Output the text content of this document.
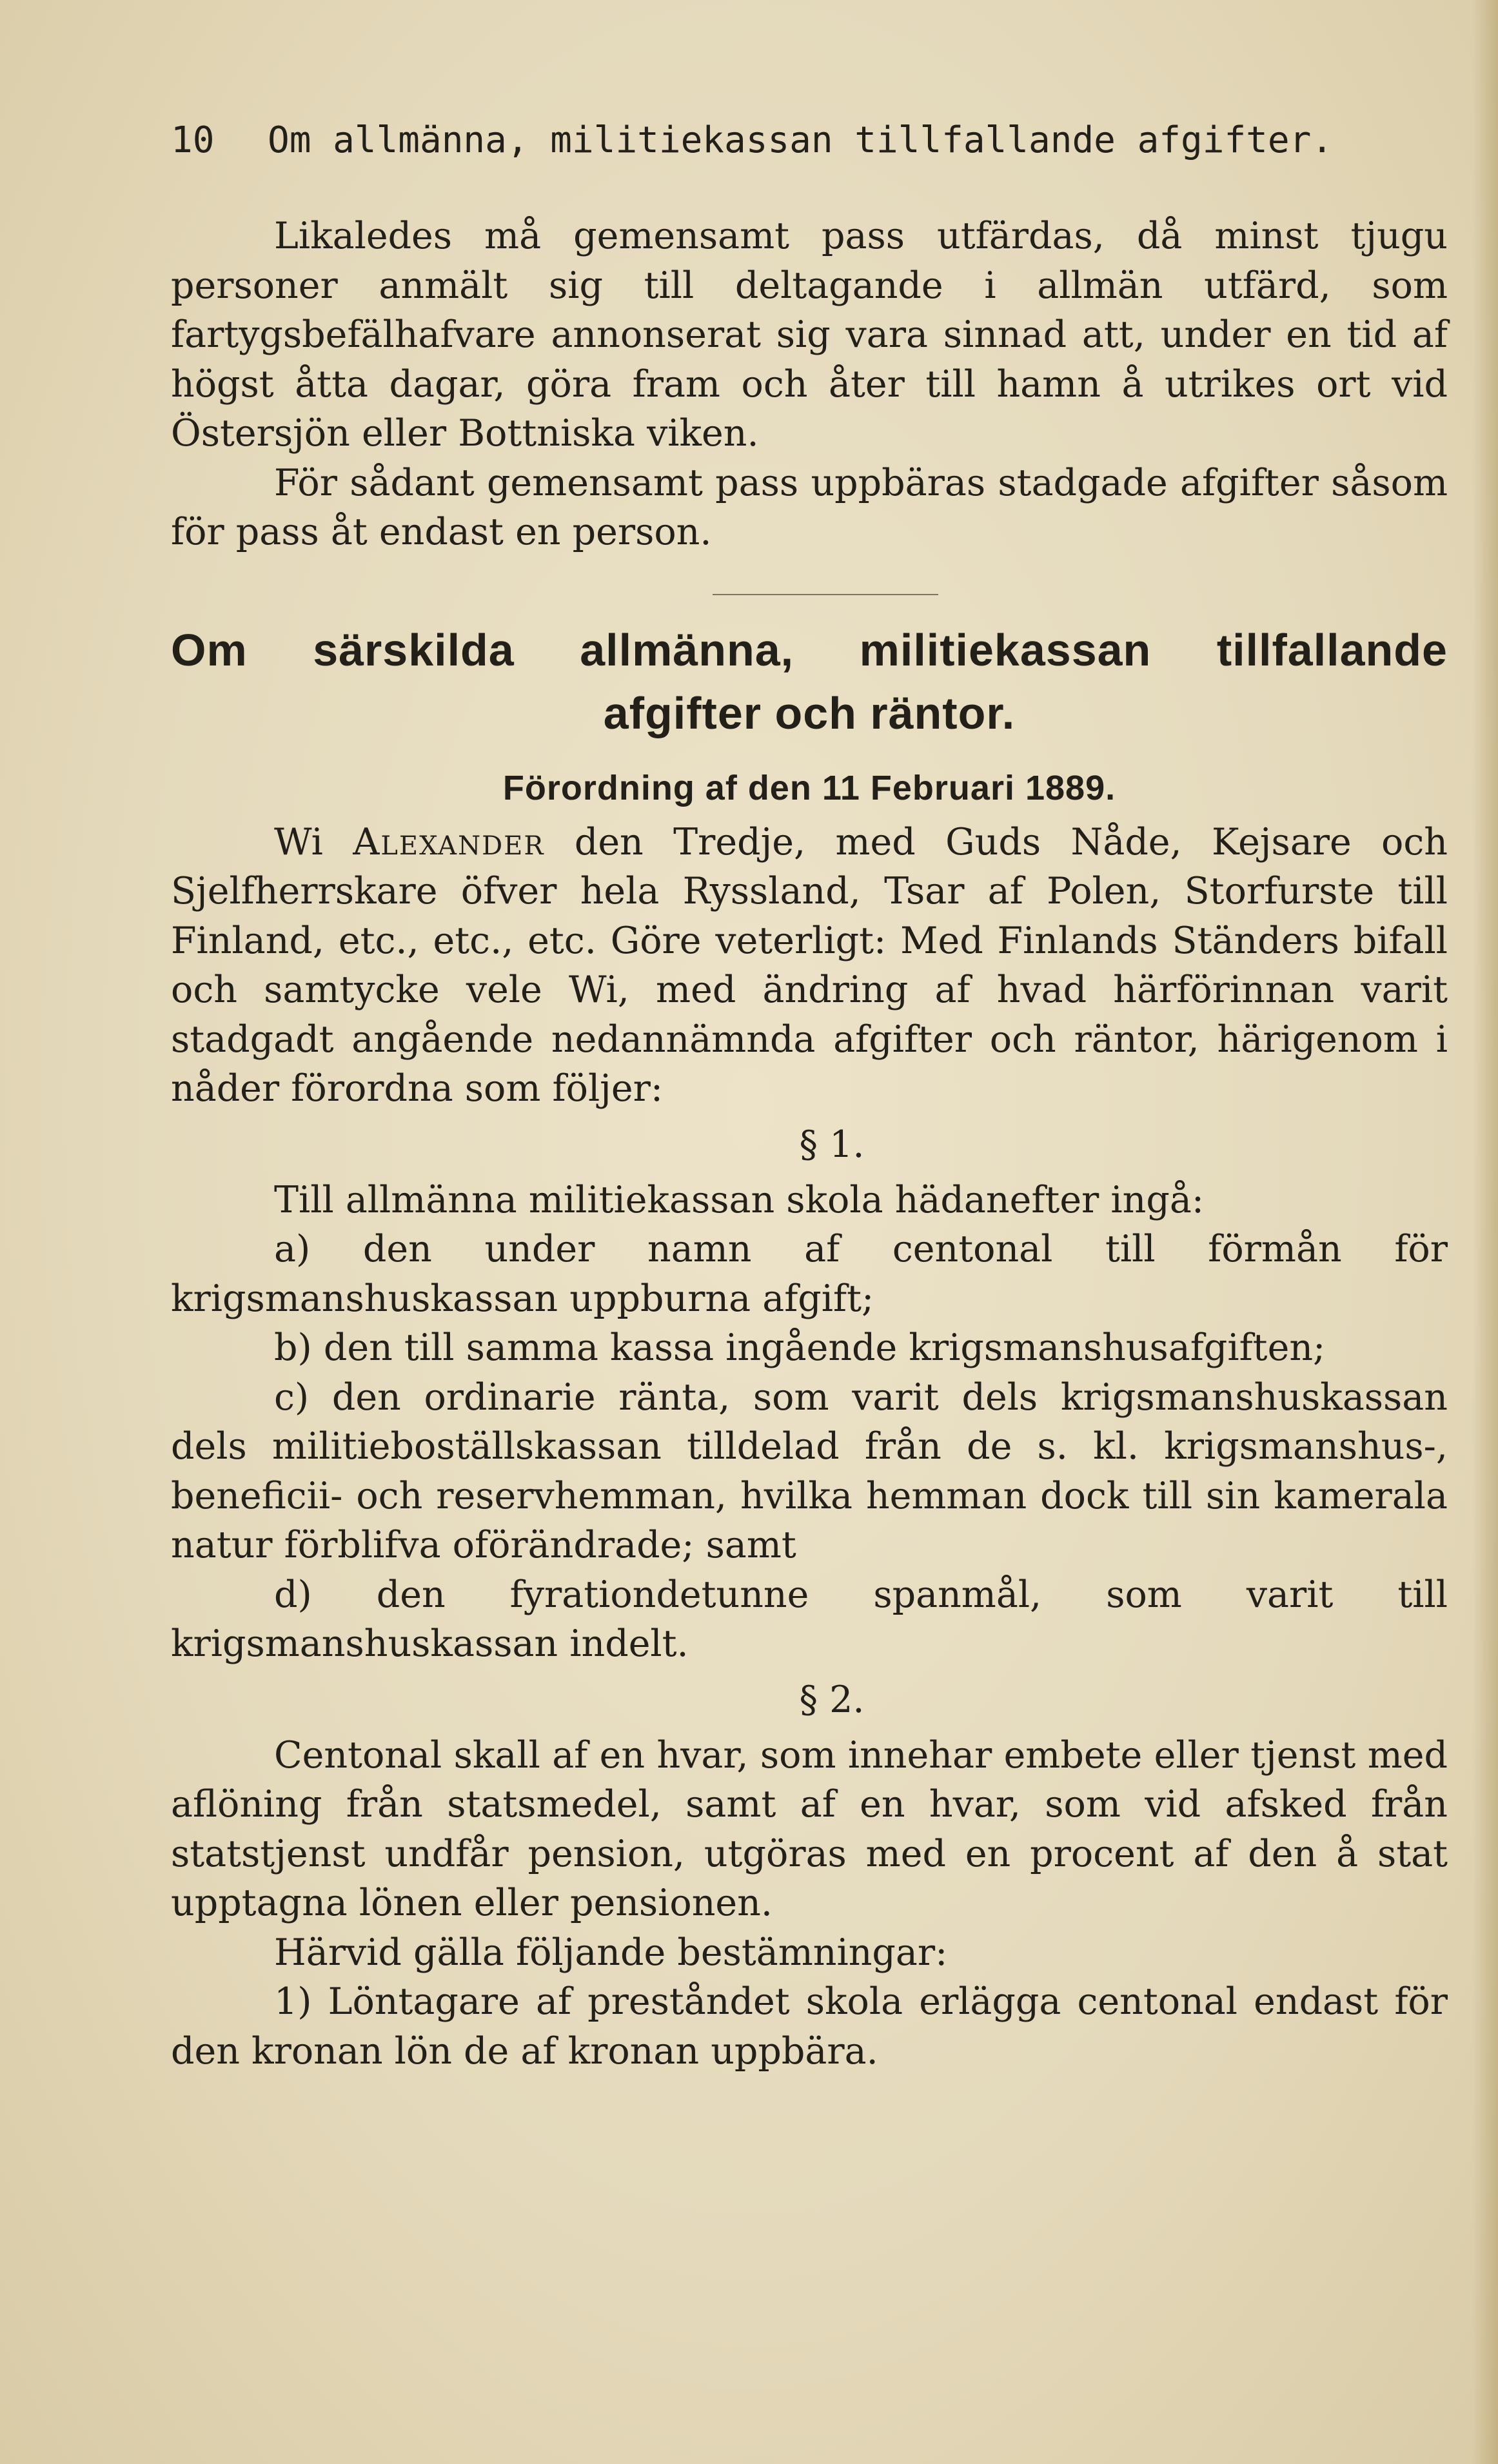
10 Om allmänna, militiekassan tillfallande afgifter.

Likaledes må gemensamt pass utfärdas, då minst tjugu personer anmält sig till deltagande i allmän utfärd, som fartygsbefälhafvare annonserat sig vara sinnad att, under en tid af högst åtta dagar, göra fram och åter till hamn å utrikes ort vid Östersjön eller Bottniska viken.

För sådant gemensamt pass uppbäras stadgade afgifter såsom för pass åt endast en person.

Om särskilda allmänna, militiekassan tillfallande
afgifter och räntor.
Förordning af den 11 Februari 1889.

Wi Alexander den Tredje, med Guds Nåde, Kejsare och Sjelfherrskare öfver hela Ryssland, Tsar af Polen, Storfurste till Finland, etc., etc., etc. Göre veterligt: Med Finlands Ständers bifall och samtycke vele Wi, med ändring af hvad härförinnan varit stadgadt angående nedannämnda afgifter och räntor, härigenom i nåder förordna som följer:

§ 1.

Till allmänna militiekassan skola hädanefter ingå:

a) den under namn af centonal till förmån för krigsmanshuskassan uppburna afgift;

b) den till samma kassa ingående krigsmanshusafgiften;

c) den ordinarie ränta, som varit dels krigsmanshuskassan dels militieboställskassan tilldelad från de s. kl. krigsmanshus-, beneficii- och reservhemman, hvilka hemman dock till sin kamerala natur förblifva oförändrade; samt

d) den fyrationdetunne spanmål, som varit till krigsmanshuskassan indelt.

§ 2.

Centonal skall af en hvar, som innehar embete eller tjenst med aflöning från statsmedel, samt af en hvar, som vid afsked från statstjenst undfår pension, utgöras med en procent af den å stat upptagna lönen eller pensionen.

Härvid gälla följande bestämningar:

1) Löntagare af preståndet skola erlägga centonal endast för den kronan lön de af kronan uppbära.
